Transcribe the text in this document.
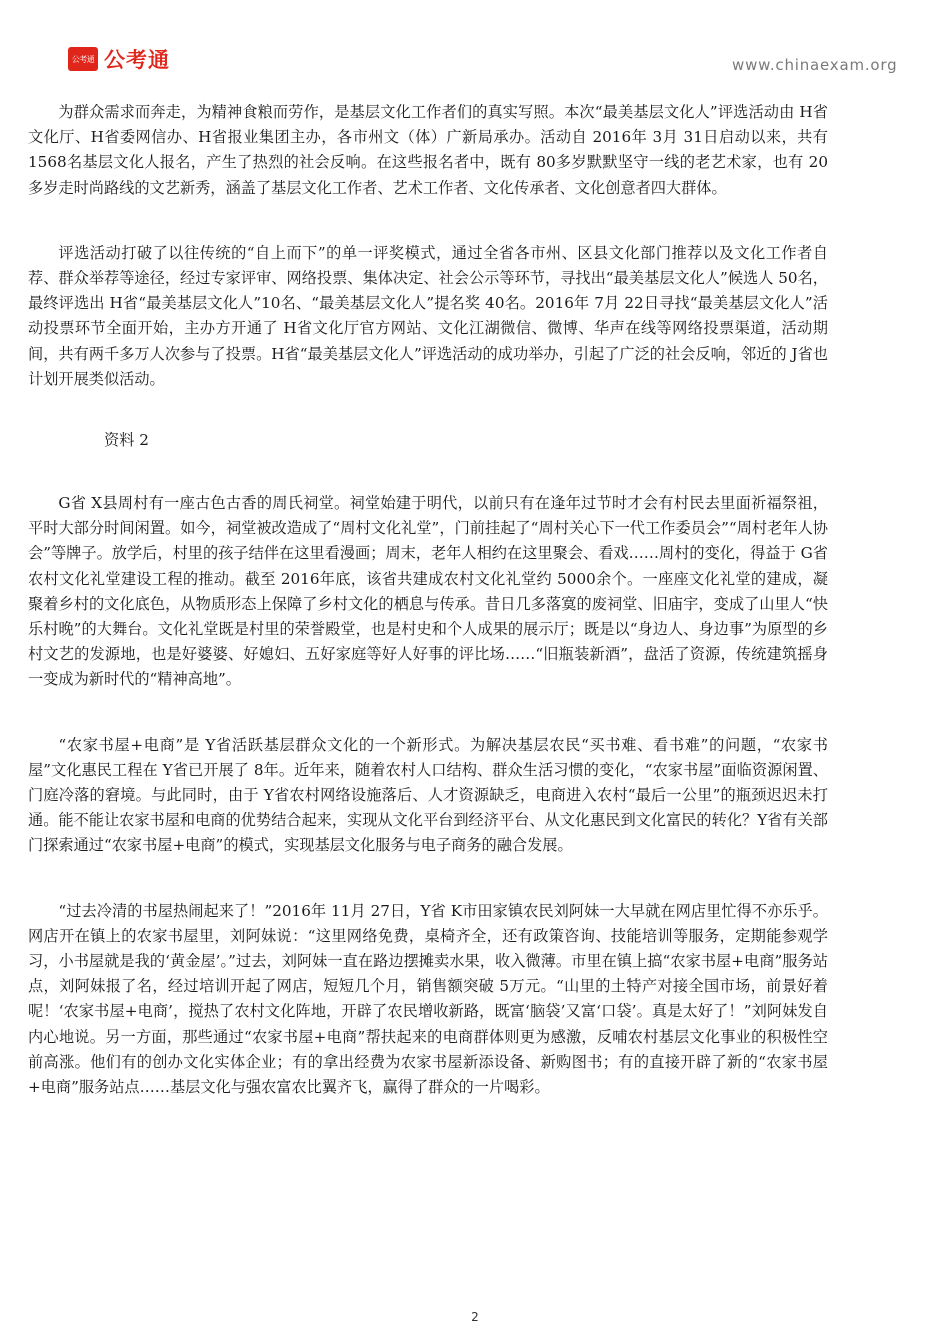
公考通 公考通	www.chinaexam.org

为群众需求而奔走，为精神食粮而劳作，是基层文化工作者们的真实写照。本次“最美基层文化人”评选活动由 H省文化厅、H省委网信办、H省报业集团主办，各市州文（体）广新局承办。活动自 2016年 3月 31日启动以来，共有 1568名基层文化人报名，产生了热烈的社会反响。在这些报名者中，既有 80多岁默默坚守一线的老艺术家，也有 20多岁走时尚路线的文艺新秀，涵盖了基层文化工作者、艺术工作者、文化传承者、文化创意者四大群体。

评选活动打破了以往传统的“自上而下”的单一评奖模式，通过全省各市州、区县文化部门推荐以及文化工作者自荐、群众举荐等途径，经过专家评审、网络投票、集体决定、社会公示等环节，寻找出“最美基层文化人”候选人 50名，最终评选出 H省“最美基层文化人”10名、“最美基层文化人”提名奖 40名。2016年 7月 22日寻找“最美基层文化人”活动投票环节全面开始，主办方开通了 H省文化厅官方网站、文化江湖微信、微博、华声在线等网络投票渠道，活动期间，共有两千多万人次参与了投票。H省“最美基层文化人”评选活动的成功举办，引起了广泛的社会反响，邻近的 J省也计划开展类似活动。

资料 2

G省 X县周村有一座古色古香的周氏祠堂。祠堂始建于明代，以前只有在逢年过节时才会有村民去里面祈福祭祖，平时大部分时间闲置。如今，祠堂被改造成了“周村文化礼堂”，门前挂起了“周村关心下一代工作委员会”“周村老年人协会”等牌子。放学后，村里的孩子结伴在这里看漫画；周末，老年人相约在这里聚会、看戏……周村的变化，得益于 G省农村文化礼堂建设工程的推动。截至 2016年底，该省共建成农村文化礼堂约 5000余个。一座座文化礼堂的建成，凝聚着乡村的文化底色，从物质形态上保障了乡村文化的栖息与传承。昔日几多落寞的废祠堂、旧庙宇，变成了山里人“快乐村晚”的大舞台。文化礼堂既是村里的荣誉殿堂，也是村史和个人成果的展示厅；既是以“身边人、身边事”为原型的乡村文艺的发源地，也是好婆婆、好媳妇、五好家庭等好人好事的评比场……“旧瓶装新酒”，盘活了资源，传统建筑摇身一变成为新时代的“精神高地”。

“农家书屋+电商”是 Y省活跃基层群众文化的一个新形式。为解决基层农民“买书难、看书难”的问题，“农家书屋”文化惠民工程在 Y省已开展了 8年。近年来，随着农村人口结构、群众生活习惯的变化，“农家书屋”面临资源闲置、门庭冷落的窘境。与此同时，由于 Y省农村网络设施落后、人才资源缺乏，电商进入农村“最后一公里”的瓶颈迟迟未打通。能不能让农家书屋和电商的优势结合起来，实现从文化平台到经济平台、从文化惠民到文化富民的转化？Y省有关部门探索通过“农家书屋+电商”的模式，实现基层文化服务与电子商务的融合发展。

“过去冷清的书屋热闹起来了！”2016年 11月 27日，Y省 K市田家镇农民刘阿妹一大早就在网店里忙得不亦乐乎。网店开在镇上的农家书屋里，刘阿妹说：“这里网络免费，桌椅齐全，还有政策咨询、技能培训等服务，定期能参观学习，小书屋就是我的‘黄金屋’。”过去，刘阿妹一直在路边摆摊卖水果，收入微薄。市里在镇上搞“农家书屋+电商”服务站点，刘阿妹报了名，经过培训开起了网店，短短几个月，销售额突破 5万元。“山里的土特产对接全国市场，前景好着呢！‘农家书屋+电商’，搅热了农村文化阵地，开辟了农民增收新路，既富‘脑袋’又富‘口袋’。真是太好了！”刘阿妹发自内心地说。另一方面，那些通过“农家书屋+电商”帮扶起来的电商群体则更为感激，反哺农村基层文化事业的积极性空前高涨。他们有的创办文化实体企业；有的拿出经费为农家书屋新添设备、新购图书；有的直接开辟了新的“农家书屋+电商”服务站点……基层文化与强农富农比翼齐飞，赢得了群众的一片喝彩。

2
